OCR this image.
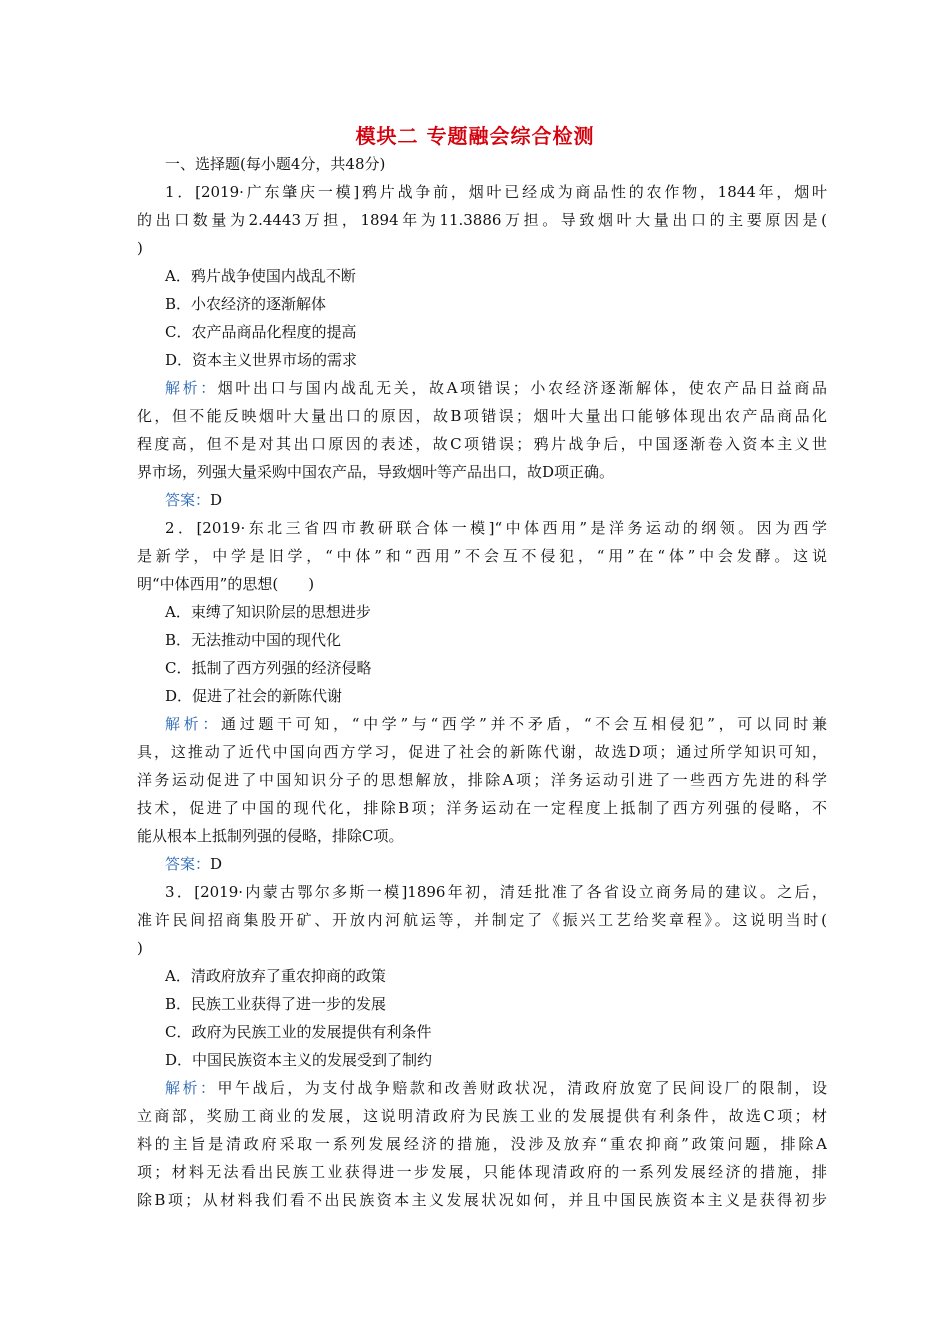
模块二 专题融会综合检测
一、选择题(每小题4分，共48分)
1．[2019·广东肇庆一模]鸦片战争前，烟叶已经成为商品性的农作物，1844年，烟叶
的出口数量为2.4443万担，1894年为11.3886万担。导致烟叶大量出口的主要原因是(
)
A．鸦片战争使国内战乱不断
B．小农经济的逐渐解体
C．农产品商品化程度的提高
D．资本主义世界市场的需求
解析：烟叶出口与国内战乱无关，故A项错误；小农经济逐渐解体，使农产品日益商品
化，但不能反映烟叶大量出口的原因，故B项错误；烟叶大量出口能够体现出农产品商品化
程度高，但不是对其出口原因的表述，故C项错误；鸦片战争后，中国逐渐卷入资本主义世
界市场，列强大量采购中国农产品，导致烟叶等产品出口，故D项正确。
答案：D
2．[2019·东北三省四市教研联合体一模]“中体西用”是洋务运动的纲领。因为西学
是新学，中学是旧学，“中体”和“西用”不会互不侵犯，“用”在“体”中会发酵。这说
明“中体西用”的思想(　　)
A．束缚了知识阶层的思想进步
B．无法推动中国的现代化
C．抵制了西方列强的经济侵略
D．促进了社会的新陈代谢
解析：通过题干可知，“中学”与“西学”并不矛盾，“不会互相侵犯”，可以同时兼
具，这推动了近代中国向西方学习，促进了社会的新陈代谢，故选D项；通过所学知识可知，
洋务运动促进了中国知识分子的思想解放，排除A项；洋务运动引进了一些西方先进的科学
技术，促进了中国的现代化，排除B项；洋务运动在一定程度上抵制了西方列强的侵略，不
能从根本上抵制列强的侵略，排除C项。
答案：D
3．[2019·内蒙古鄂尔多斯一模]1896年初，清廷批准了各省设立商务局的建议。之后，
准许民间招商集股开矿、开放内河航运等，并制定了《振兴工艺给奖章程》。这说明当时(
)
A．清政府放弃了重农抑商的政策
B．民族工业获得了进一步的发展
C．政府为民族工业的发展提供有利条件
D．中国民族资本主义的发展受到了制约
解析：甲午战后，为支付战争赔款和改善财政状况，清政府放宽了民间设厂的限制，设
立商部，奖励工商业的发展，这说明清政府为民族工业的发展提供有利条件，故选C项；材
料的主旨是清政府采取一系列发展经济的措施，没涉及放弃“重农抑商”政策问题，排除A
项；材料无法看出民族工业获得进一步发展，只能体现清政府的一系列发展经济的措施，排
除B项；从材料我们看不出民族资本主义发展状况如何，并且中国民族资本主义是获得初步
